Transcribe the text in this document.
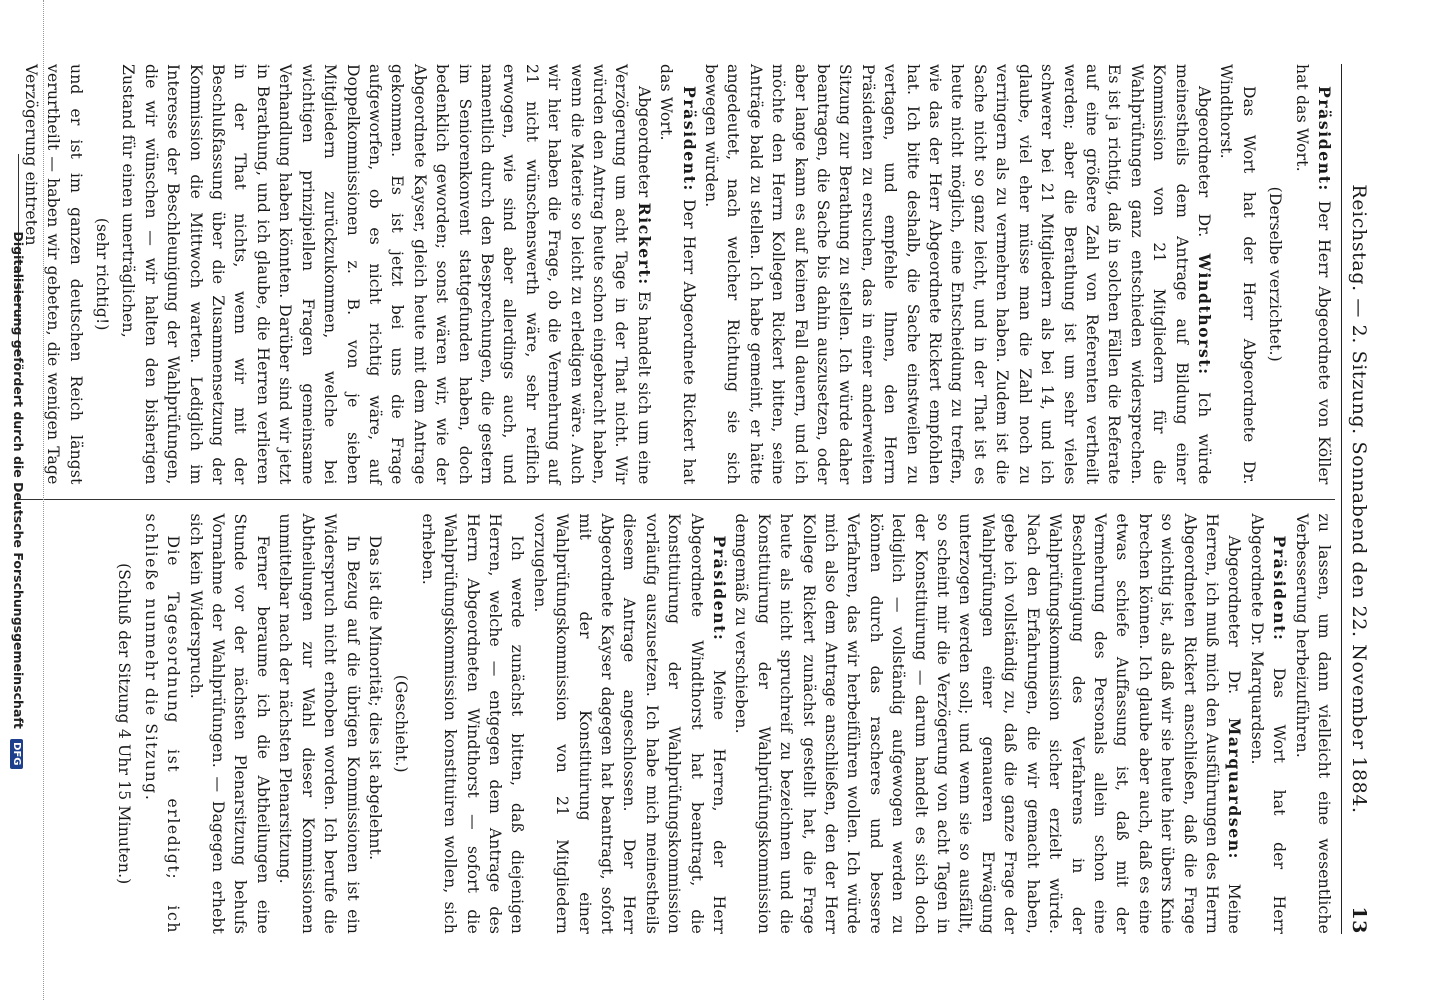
Reichstag. — 2. Sitzung. Sonnabend den 22. November 1884.
13

Präsident: Der Herr Abgeordnete von Köller hat das Wort.

(Derselbe verzichtet.)

Das Wort hat der Herr Abgeordnete Dr. Windthorst.

Abgeordneter Dr. Windthorst: Ich würde meinestheils dem Antrage auf Bildung einer Kommission von 21 Mitgliedern für die Wahlprüfungen ganz entschieden widersprechen. Es ist ja richtig, daß in solchen Fällen die Referate auf eine größere Zahl von Referenten vertheilt werden; aber die Berathung ist um sehr vieles schwerer bei 21 Mitgliedern als bei 14, und ich glaube, viel eher müsse man die Zahl noch zu verringern als zu vermehren haben. Zudem ist die Sache nicht so ganz leicht, und in der That ist es heute nicht möglich, eine Entscheidung zu treffen, wie das der Herr Abgeordnete Rickert empfohlen hat. Ich bitte deshalb, die Sache einstweilen zu vertagen, und empfehle Ihnen, den Herrn Präsidenten zu ersuchen, das in einer anderweiten Sitzung zur Berathung zu stellen. Ich würde daher beantragen, die Sache bis dahin auszusetzen, oder aber lange kann es auf keinen Fall dauern, und ich möchte den Herrn Kollegen Rickert bitten, seine Anträge bald zu stellen. Ich habe gemeint, er hätte angedeutet, nach welcher Richtung sie sich bewegen würden.

Präsident: Der Herr Abgeordnete Rickert hat das Wort.

Abgeordneter Rickert: Es handelt sich um eine Verzögerung um acht Tage in der That nicht. Wir würden den Antrag heute schon eingebracht haben, wenn die Materie so leicht zu erledigen wäre. Auch wir hier haben die Frage, ob die Vermehrung auf 21 nicht wünschenswerth wäre, sehr reiflich erwogen, wie sind aber allerdings auch, und namentlich durch den Besprechungen, die gestern im Seniorenkonvent stattgefunden haben, doch bedenklich geworden; sonst wären wir, wie der Abgeordnete Kayser, gleich heute mit dem Antrage gekommen. Es ist jetzt bei uns die Frage aufgeworfen, ob es nicht richtig wäre, auf Doppelkommissionen z. B. von je sieben Mitgliedern zurückzukommen, welche bei wichtigen prinzipiellen Fragen gemeinsame Verhandlung haben könnten. Darüber sind wir jetzt in Berathung, und ich glaube, die Herren verlieren in der That nichts, wenn wir mit der Beschlußfassung über die Zusammensetzung der Kommission die Mittwoch warten. Lediglich im Interesse der Beschleunigung der Wahlprüfungen, die wir wünschen — wir halten den bisherigen Zustand für einen unerträglichen,

(sehr richtig!)

und er ist im ganzen deutschen Reich längst verurtheilt — haben wir gebeten, die wenigen Tage Verzögerung eintreten

zu lassen, um dann vielleicht eine wesentliche Verbesserung herbeizuführen.

Präsident: Das Wort hat der Herr Abgeordnete Dr. Marquardsen.

Abgeordneter Dr. Marquardsen: Meine Herren, ich muß mich den Ausführungen des Herrn Abgeordneten Rickert anschließen, daß die Frage so wichtig ist, als daß wir sie heute hier übers Knie brechen können. Ich glaube aber auch, daß es eine etwas schiefe Auffassung ist, daß mit der Vermehrung des Personals allein schon eine Beschleunigung des Verfahrens in der Wahlprüfungskommission sicher erzielt würde. Nach den Erfahrungen, die wir gemacht haben, gebe ich vollständig zu, daß die ganze Frage der Wahlprüfungen einer genaueren Erwägung unterzogen werden soll; und wenn sie so ausfällt, so scheint mir die Verzögerung von acht Tagen in der Konstituirung — darum handelt es sich doch lediglich — vollständig aufgewogen werden zu können durch das rascheres und bessere Verfahren, das wir herbeiführen wollen. Ich würde mich also dem Antrage anschließen, den der Herr Kollege Rickert zunächst gestellt hat, die Frage heute als nicht spruchreif zu bezeichnen und die Konstituirung der Wahlprüfungskommission demgemäß zu verschieben.

Präsident: Meine Herren, der Herr Abgeordnete Windthorst hat beantragt, die Konstituirung der Wahlprüfungskommission vorläufig auszusetzen. Ich habe mich meinestheils diesem Antrage angeschlossen. Der Herr Abgeordnete Kayser dagegen hat beantragt, sofort mit der Konstituirung einer Wahlprüfungskommission von 21 Mitgliedern vorzugehen.

Ich werde zunächst bitten, daß diejenigen Herren, welche — entgegen dem Antrage des Herrn Abgeordneten Windthorst — sofort die Wahlprüfungskommission konstituiren wollen, sich erheben.

(Geschieht.)

Das ist die Minorität; dies ist abgelehnt.

In Bezug auf die übrigen Kommissionen ist ein Widerspruch nicht erhoben worden. Ich berufe die Abtheilungen zur Wahl dieser Kommissionen unmittelbar nach der nächsten Plenarsitzung.

Ferner beraume ich die Abtheilungen eine Stunde vor der nächsten Plenarsitzung behufs Vornahme der Wahlprüfungen. — Dagegen erhebt sich kein Widerspruch.

Die Tagesordnung ist erledigt; ich schließe nunmehr die Sitzung.

(Schluß der Sitzung 4 Uhr 15 Minuten.)

Digitalisierung gefördert durch die Deutsche Forschungsgemeinschaft DFG
